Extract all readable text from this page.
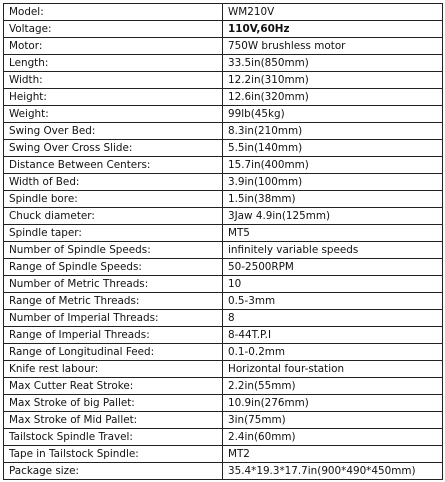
Model:	WM210V
Voltage:	110V,60Hz
Motor:	750W brushless motor
Length:	33.5in(850mm)
Width:	12.2in(310mm)
Height:	12.6in(320mm)
Weight:	99lb(45kg)
Swing Over Bed:	8.3in(210mm)
Swing Over Cross Slide:	5.5in(140mm)
Distance Between Centers:	15.7in(400mm)
Width of Bed:	3.9in(100mm)
Spindle bore:	1.5in(38mm)
Chuck diameter:	3Jaw 4.9in(125mm)
Spindle taper:	MT5
Number of Spindle Speeds:	infinitely variable speeds
Range of Spindle Speeds:	50-2500RPM
Number of Metric Threads:	10
Range of Metric Threads:	0.5-3mm
Number of Imperial Threads:	8
Range of Imperial Threads:	8-44T.P.I
Range of Longitudinal Feed:	0.1-0.2mm
Knife rest labour:	Horizontal four-station
Max Cutter Reat Stroke:	2.2in(55mm)
Max Stroke of big Pallet:	10.9in(276mm)
Max Stroke of Mid Pallet:	3in(75mm)
Tailstock Spindle Travel:	2.4in(60mm)
Tape in Tailstock Spindle:	MT2
Package size:	35.4*19.3*17.7in(900*490*450mm)
